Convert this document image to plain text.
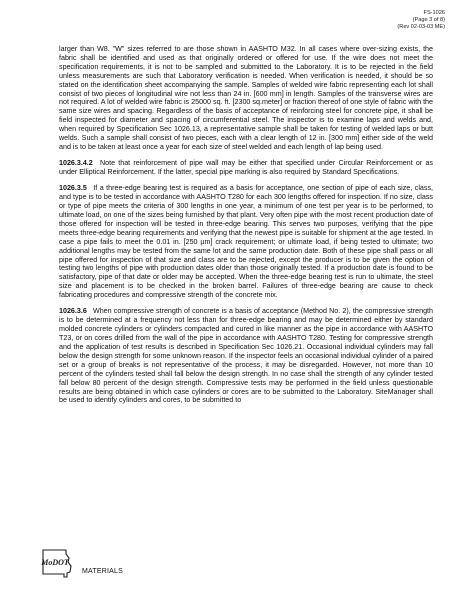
FS-1026
(Page 3 of 8)
(Rev 02-03-03 ME)

larger than W8. "W" sizes referred to are those shown in AASHTO M32. In all cases where over-sizing exists, the fabric shall be identified and used as that originally ordered or offered for use. If the wire does not meet the specification requirements, it is not to be sampled and submitted to the Laboratory. It is to be rejected in the field unless measurements are such that Laboratory verification is needed. When verification is needed, it should be so stated on the identification sheet accompanying the sample. Samples of welded wire fabric representing each lot shall consist of two pieces of longitudinal wire not less than 24 in. [600 mm] in length. Samples of the transverse wires are not required. A lot of welded wire fabric is 25000 sq. ft. [2300 sq.meter] or fraction thereof of one style of fabric with the same size wires and spacing. Regardless of the basis of acceptance of reinforcing steel for concrete pipe, it shall be field inspected for diameter and spacing of circumferential steel. The inspector is to examine laps and welds and, when required by Specification Sec 1026.13, a representative sample shall be taken for testing of welded laps or butt welds. Such a sample shall consist of two pieces, each with a clear length of 12 in. [300 mm] either side of the weld and is to be taken at least once a year for each size of steel welded and each length of lap being used.

1026.3.4.2 Note that reinforcement of pipe wall may be either that specified under Circular Reinforcement or as under Elliptical Reinforcement. If the latter, special pipe marking is also required by Standard Specifications.

1026.3.5 If a three-edge bearing test is required as a basis for acceptance, one section of pipe of each size, class, and type is to be tested in accordance with AASHTO T280 for each 300 lengths offered for inspection. If no size, class or type of pipe meets the criteria of 300 lengths in one year, a minimum of one test per year is to be performed, to ultimate load, on one of the sizes being furnished by that plant. Very often pipe with the most recent production date of those offered for inspection will be tested in three-edge bearing. This serves two purposes, verifying that the pipe meets three-edge bearing requirements and verifying that the newest pipe is suitable for shipment at the age tested. In case a pipe fails to meet the 0.01 in. [250 µm] crack requirement; or ultimate load, if being tested to ultimate; two additional lengths may be tested from the same lot and the same production date. Both of these pipe shall pass or all pipe offered for inspection of that size and class are to be rejected, except the producer is to be given the option of testing two lengths of pipe with production dates older than those originally tested. If a production date is found to be satisfactory, pipe of that date or older may be accepted. When the three-edge bearing test is run to ultimate, the steel size and placement is to be checked in the broken barrel. Failures of three-edge bearing are cause to check fabricating procedures and compressive strength of the concrete mix.

1026.3.6 When compressive strength of concrete is a basis of acceptance (Method No. 2), the compressive strength is to be determined at a frequency not less than for three-edge bearing and may be determined either by standard molded concrete cylinders or cylinders compacted and cured in like manner as the pipe in accordance with AASHTO T23, or on cores drilled from the wall of the pipe in accordance with AASHTO T280. Testing for compressive strength and the application of test results is described in Specification Sec 1026.21. Occasional individual cylinders may fall below the design strength for some unknown reason. If the inspector feels an occasional individual cylinder of a paired set or a group of breaks is not representative of the process, it may be disregarded. However, not more than 10 percent of the cylinders tested shall fall below the design strength. In no case shall the strength of any cylinder tested fall below 80 percent of the design strength. Compressive tests may be performed in the field unless questionable results are being obtained in which case cylinders or cores are to be submitted to the Laboratory. SiteManager shall be used to identify cylinders and cores, to be submitted to

MoDOT
MATERIALS
